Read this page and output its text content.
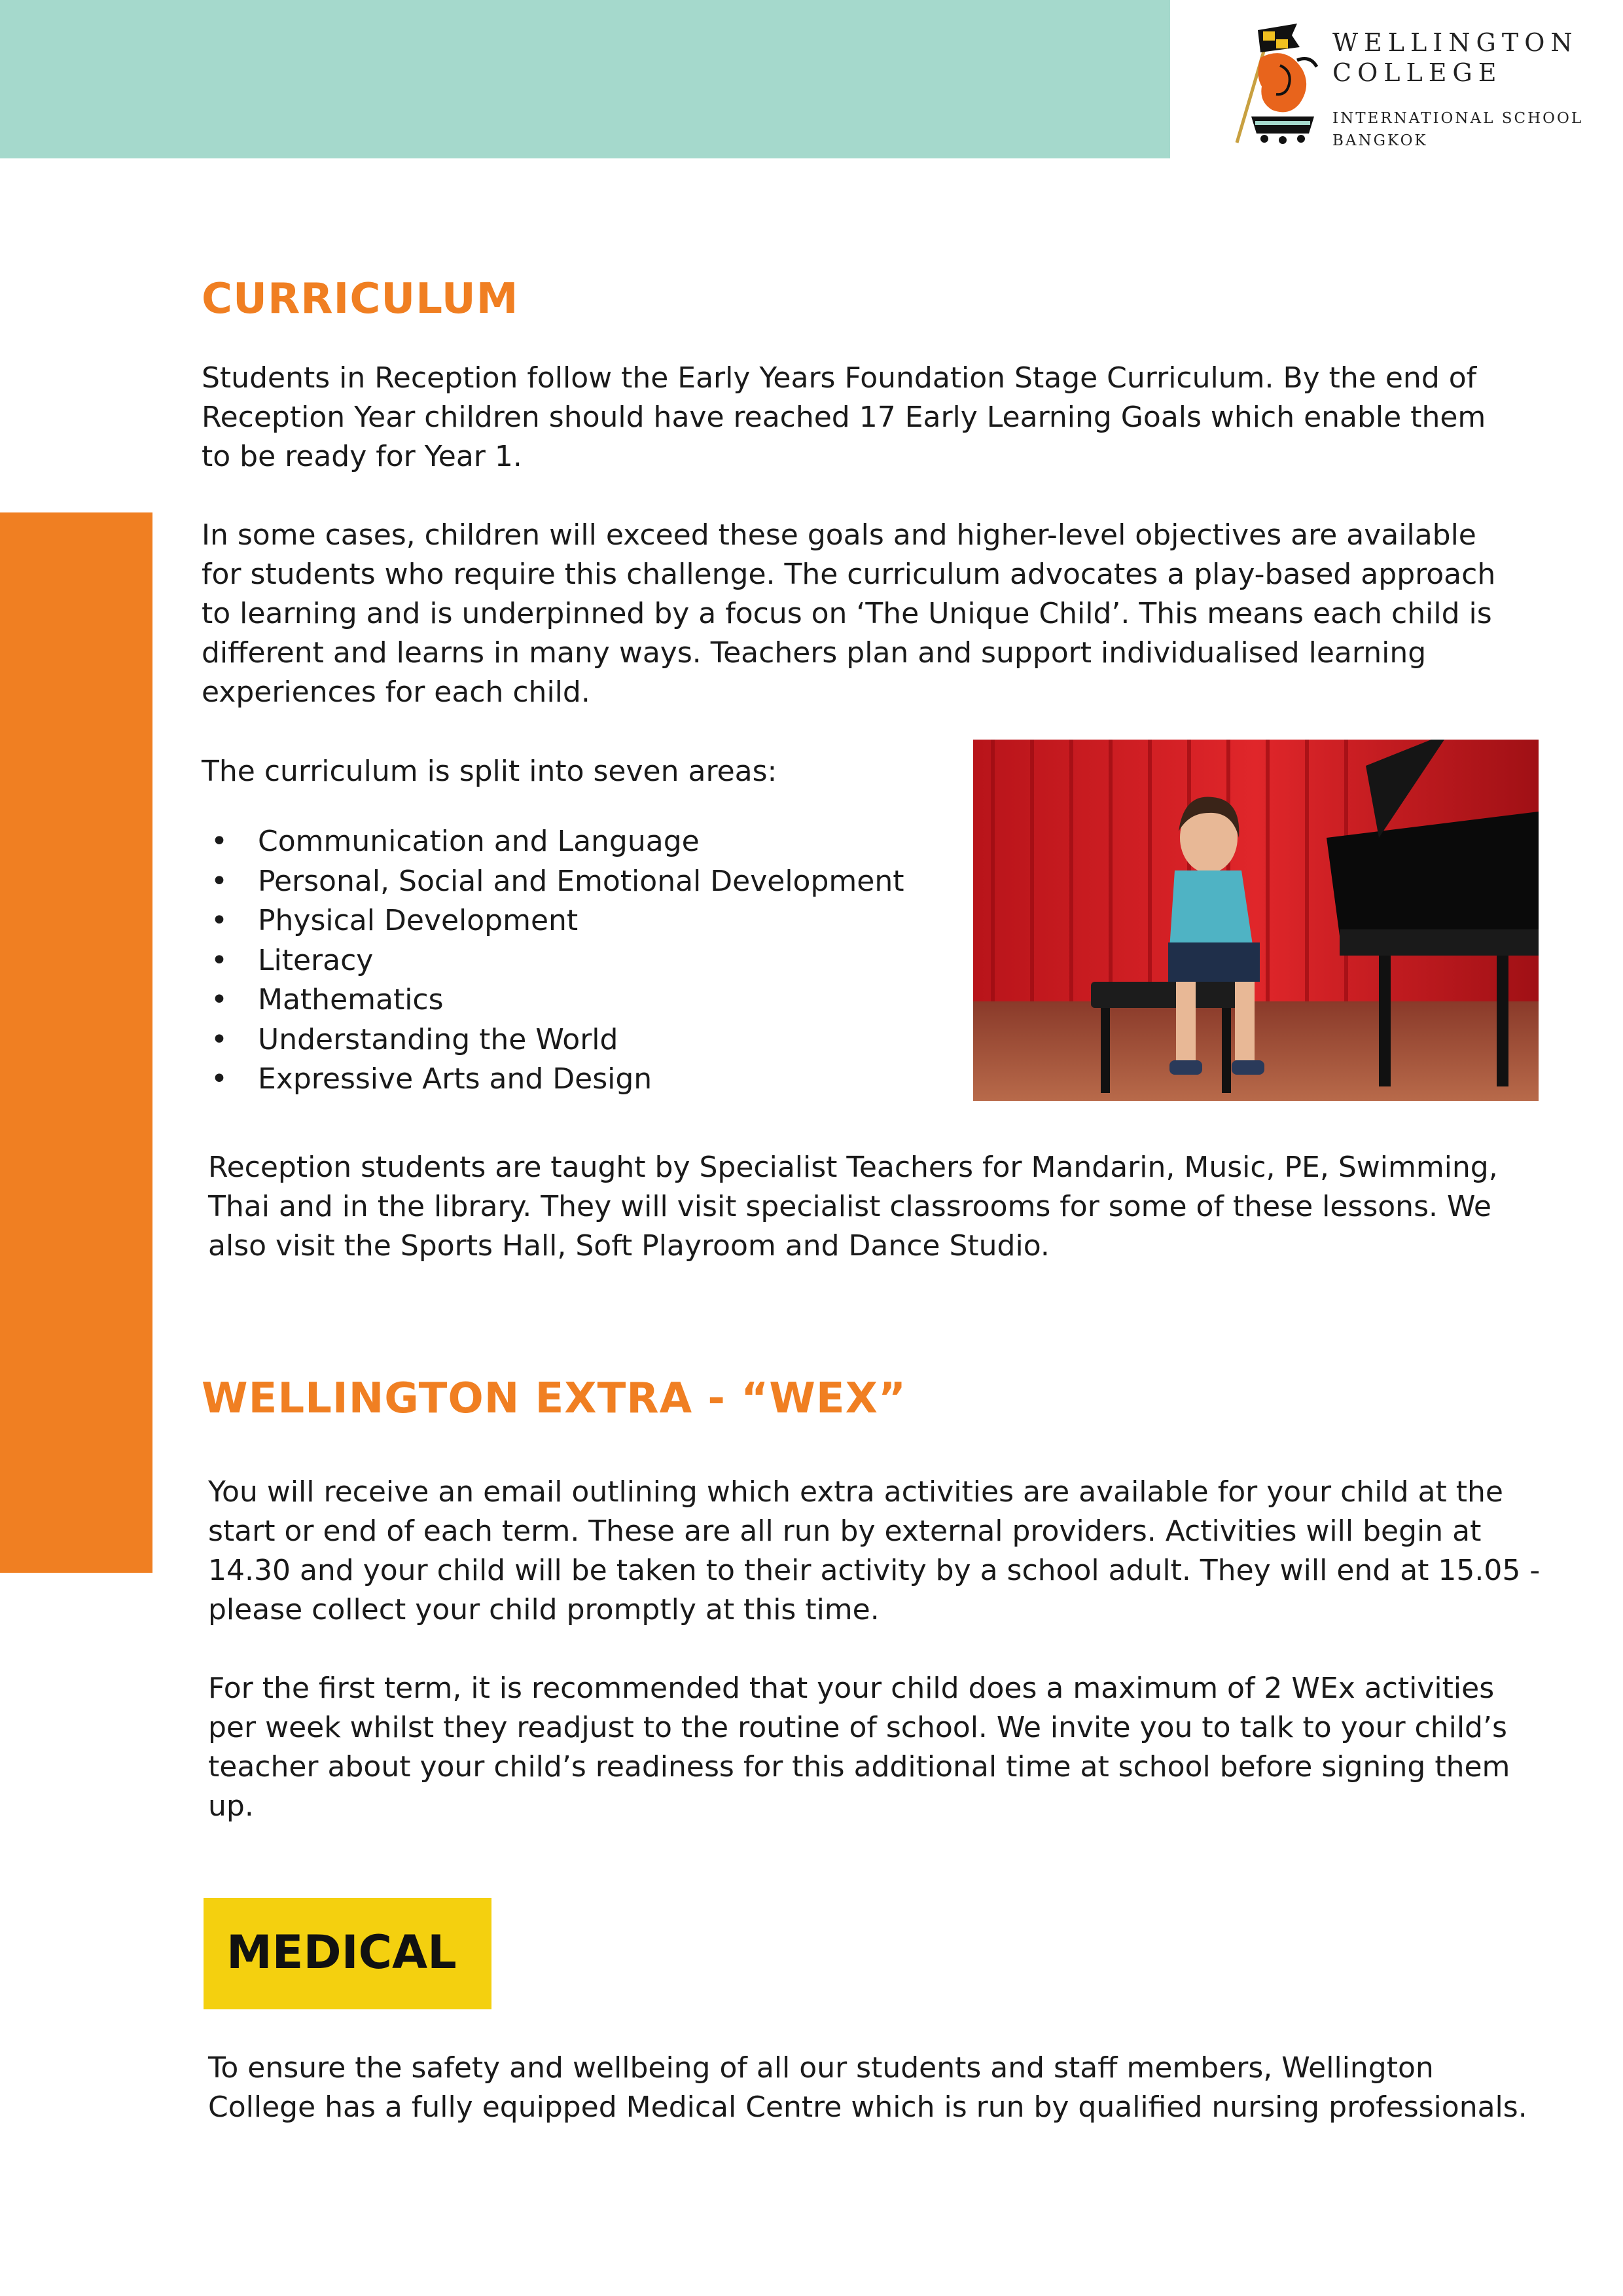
WELLINGTON
COLLEGE
INTERNATIONAL SCHOOL
BANGKOK
CURRICULUM

Students in Reception follow the Early Years Foundation Stage Curriculum. By the end of Reception Year children should have reached 17 Early Learning Goals which enable them to be ready for Year 1.

In some cases, children will exceed these goals and higher-level objectives are available for students who require this challenge. The curriculum advocates a play-based approach to learning and is underpinned by a focus on ‘The Unique Child’. This means each child is different and learns in many ways. Teachers plan and support individualised learning experiences for each child.

The curriculum is split into seven areas:

• Communication and Language
• Personal, Social and Emotional Development
• Physical Development
• Literacy
• Mathematics
• Understanding the World
• Expressive Arts and Design

Reception students are taught by Specialist Teachers for Mandarin, Music, PE, Swimming, Thai and in the library. They will visit specialist classrooms for some of these lessons. We also visit the Sports Hall, Soft Playroom and Dance Studio.

WELLINGTON EXTRA - “WEX”

You will receive an email outlining which extra activities are available for your child at the start or end of each term. These are all run by external providers. Activities will begin at 14.30 and your child will be taken to their activity by a school adult. They will end at 15.05 - please collect your child promptly at this time.

For the first term, it is recommended that your child does a maximum of 2 WEx activities per week whilst they readjust to the routine of school. We invite you to talk to your child’s teacher about your child’s readiness for this additional time at school before signing them up.

MEDICAL

To ensure the safety and wellbeing of all our students and staff members, Wellington College has a fully equipped Medical Centre which is run by qualified nursing professionals.
